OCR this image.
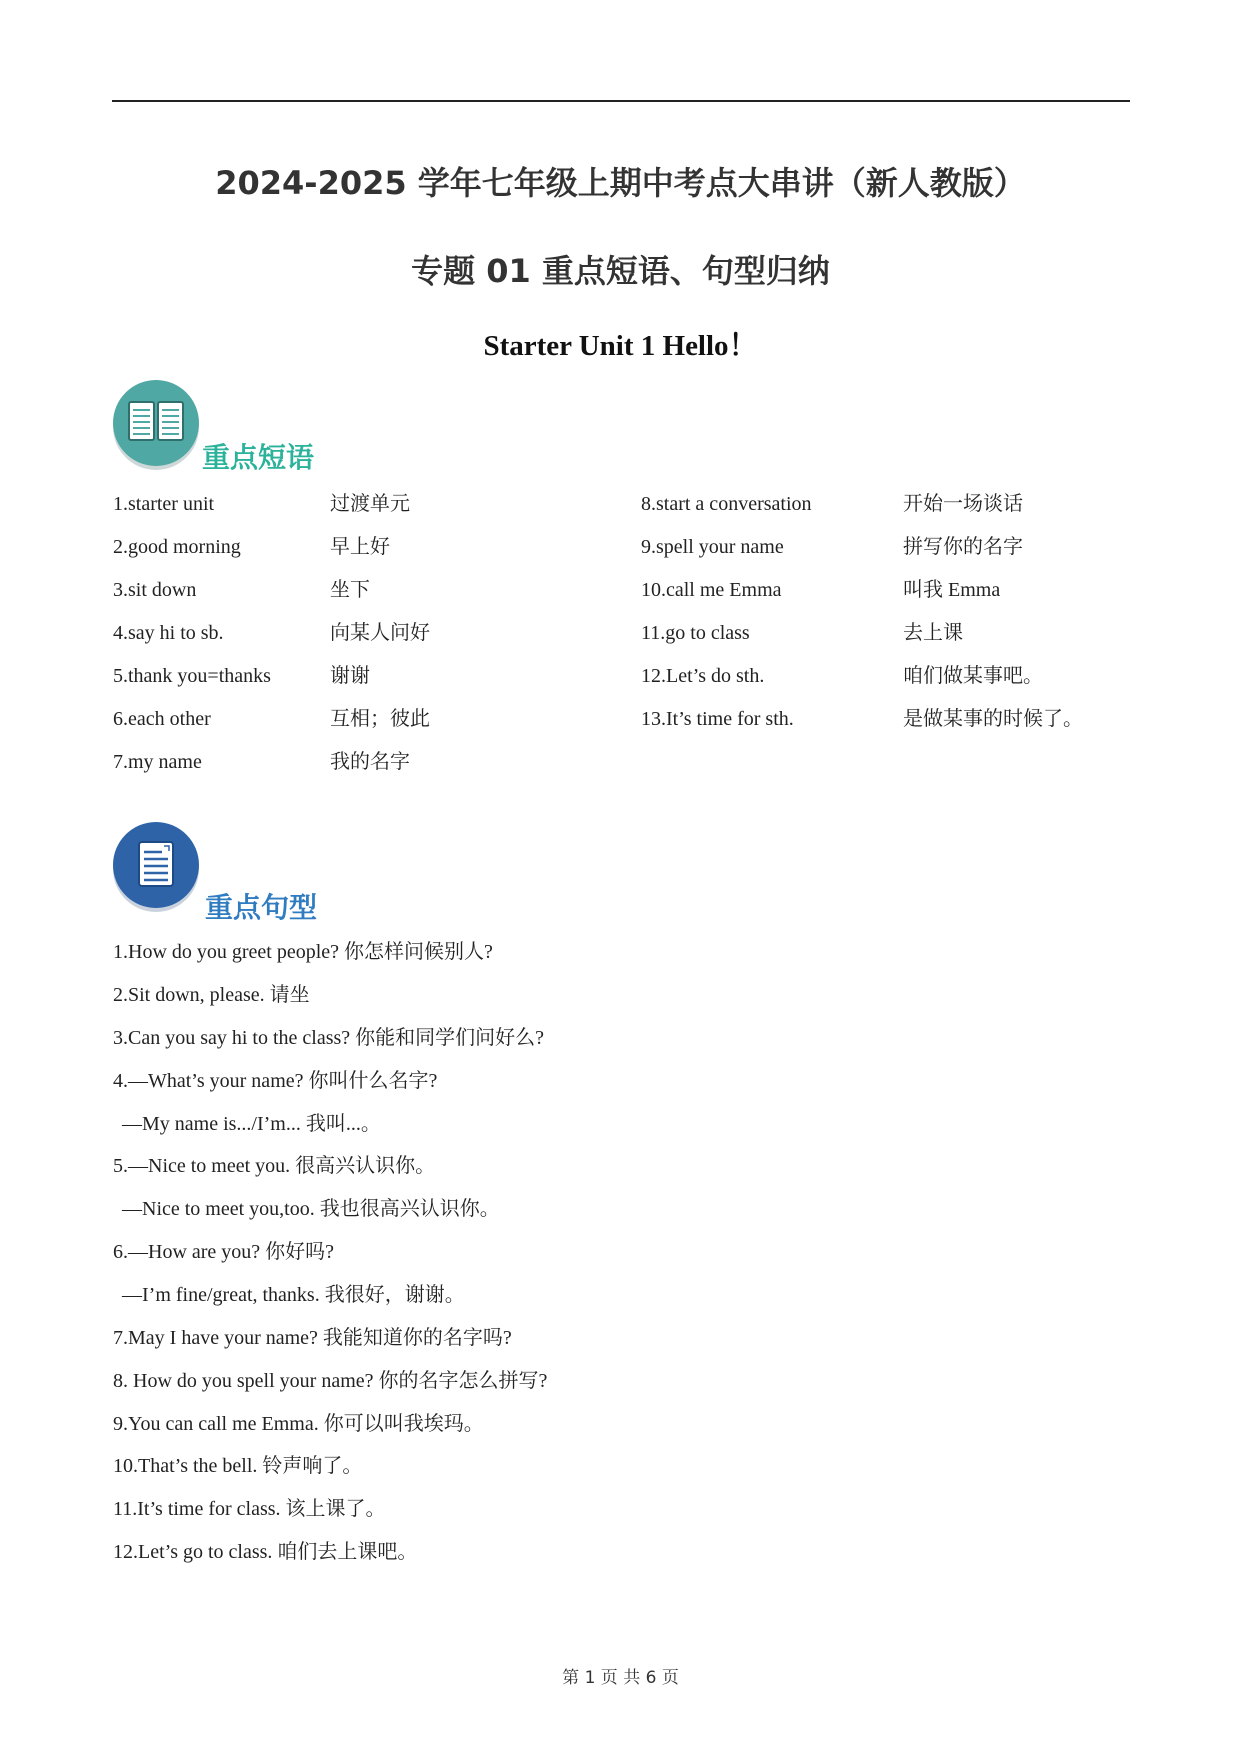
2024-2025 学年七年级上期中考点大串讲（新人教版）
专题 01 重点短语、句型归纳
Starter Unit 1 Hello！
重点短语
1.starter unit	过渡单元
2.good morning	早上好
3.sit down	坐下
4.say hi to sb.	向某人问好
5.thank you=thanks	谢谢
6.each other	互相；彼此
7.my name	我的名字
8.start a conversation	开始一场谈话
9.spell your name	拼写你的名字
10.call me Emma	叫我 Emma
11.go to class	去上课
12.Let’s do sth.	咱们做某事吧。
13.It’s time for sth.	是做某事的时候了。
重点句型
1.How do you greet people? 你怎样问候别人?
2.Sit down, please. 请坐
3.Can you say hi to the class? 你能和同学们问好么?
4.—What’s your name? 你叫什么名字?
—My name is.../I’m... 我叫...。
5.—Nice to meet you. 很高兴认识你。
—Nice to meet you,too. 我也很高兴认识你。
6.—How are you? 你好吗?
—I’m fine/great, thanks. 我很好，谢谢。
7.May I have your name? 我能知道你的名字吗?
8. How do you spell your name? 你的名字怎么拼写?
9.You can call me Emma. 你可以叫我埃玛。
10.That’s the bell. 铃声响了。
11.It’s time for class. 该上课了。
12.Let’s go to class. 咱们去上课吧。
第 1 页 共 6 页
